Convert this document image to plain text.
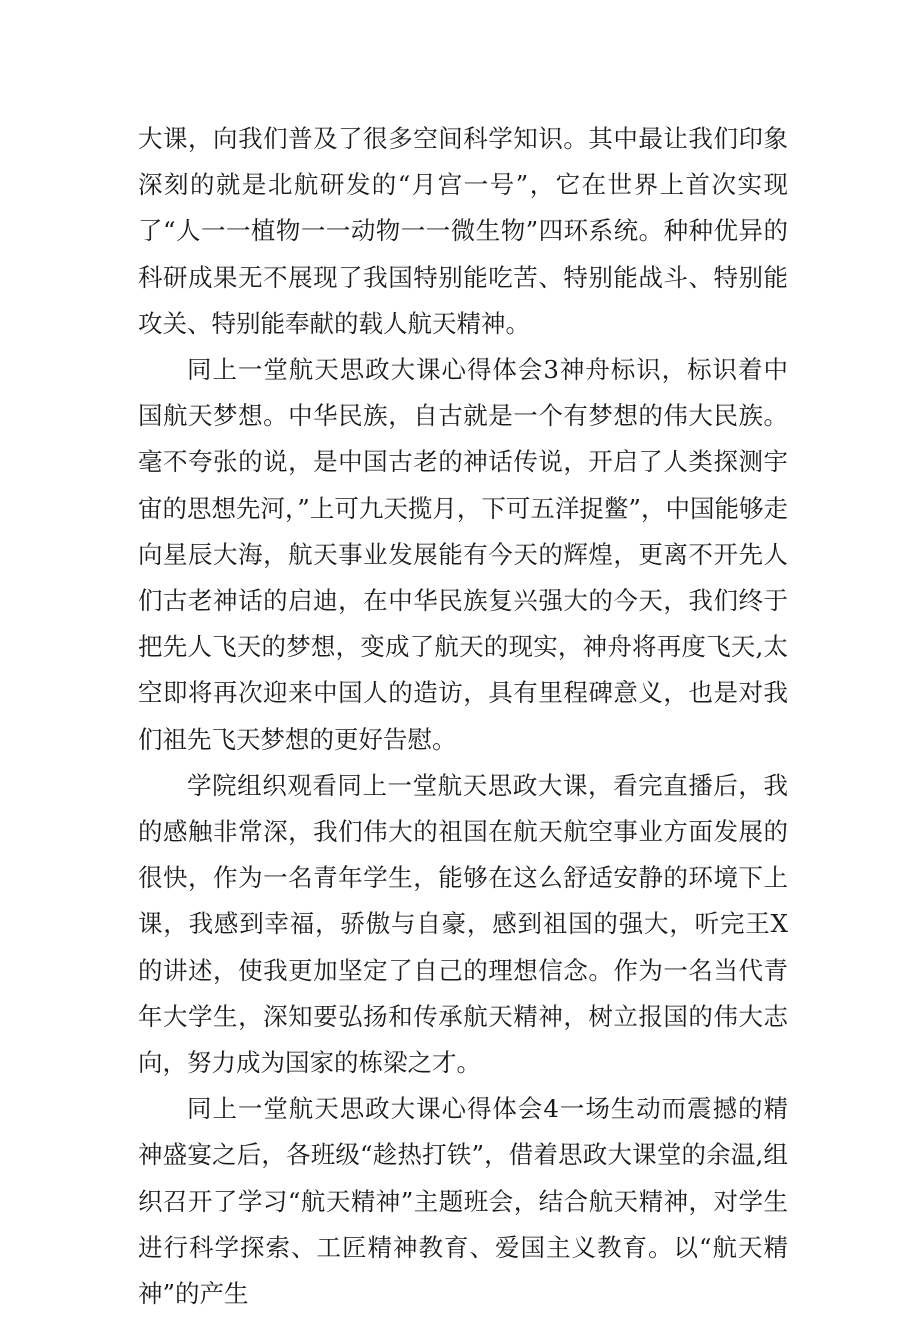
大课，向我们普及了很多空间科学知识。其中最让我们印象深刻的就是北航研发的“月宫一号”，它在世界上首次实现了“人一一植物一一动物一一微生物”四环系统。种种优异的科研成果无不展现了我国特别能吃苦、特别能战斗、特别能攻关、特别能奉献的载人航天精神。

同上一堂航天思政大课心得体会3神舟标识，标识着中国航天梦想。中华民族，自古就是一个有梦想的伟大民族。毫不夸张的说，是中国古老的神话传说，开启了人类探测宇宙的思想先河，”上可九天揽月，下可五洋捉鳖”，中国能够走向星辰大海，航天事业发展能有今天的辉煌，更离不开先人们古老神话的启迪，在中华民族复兴强大的今天，我们终于把先人飞天的梦想，变成了航天的现实，神舟将再度飞天,太空即将再次迎来中国人的造访，具有里程碑意义，也是对我们祖先飞天梦想的更好告慰。

学院组织观看同上一堂航天思政大课，看完直播后，我的感触非常深，我们伟大的祖国在航天航空事业方面发展的很快，作为一名青年学生，能够在这么舒适安静的环境下上课，我感到幸福，骄傲与自豪，感到祖国的强大，听完王X的讲述，使我更加坚定了自己的理想信念。作为一名当代青年大学生，深知要弘扬和传承航天精神，树立报国的伟大志向，努力成为国家的栋梁之才。

同上一堂航天思政大课心得体会4一场生动而震撼的精神盛宴之后，各班级“趁热打铁”，借着思政大课堂的余温,组织召开了学习“航天精神”主题班会，结合航天精神，对学生进行科学探索、工匠精神教育、爱国主义教育。以“航天精神”的产生
